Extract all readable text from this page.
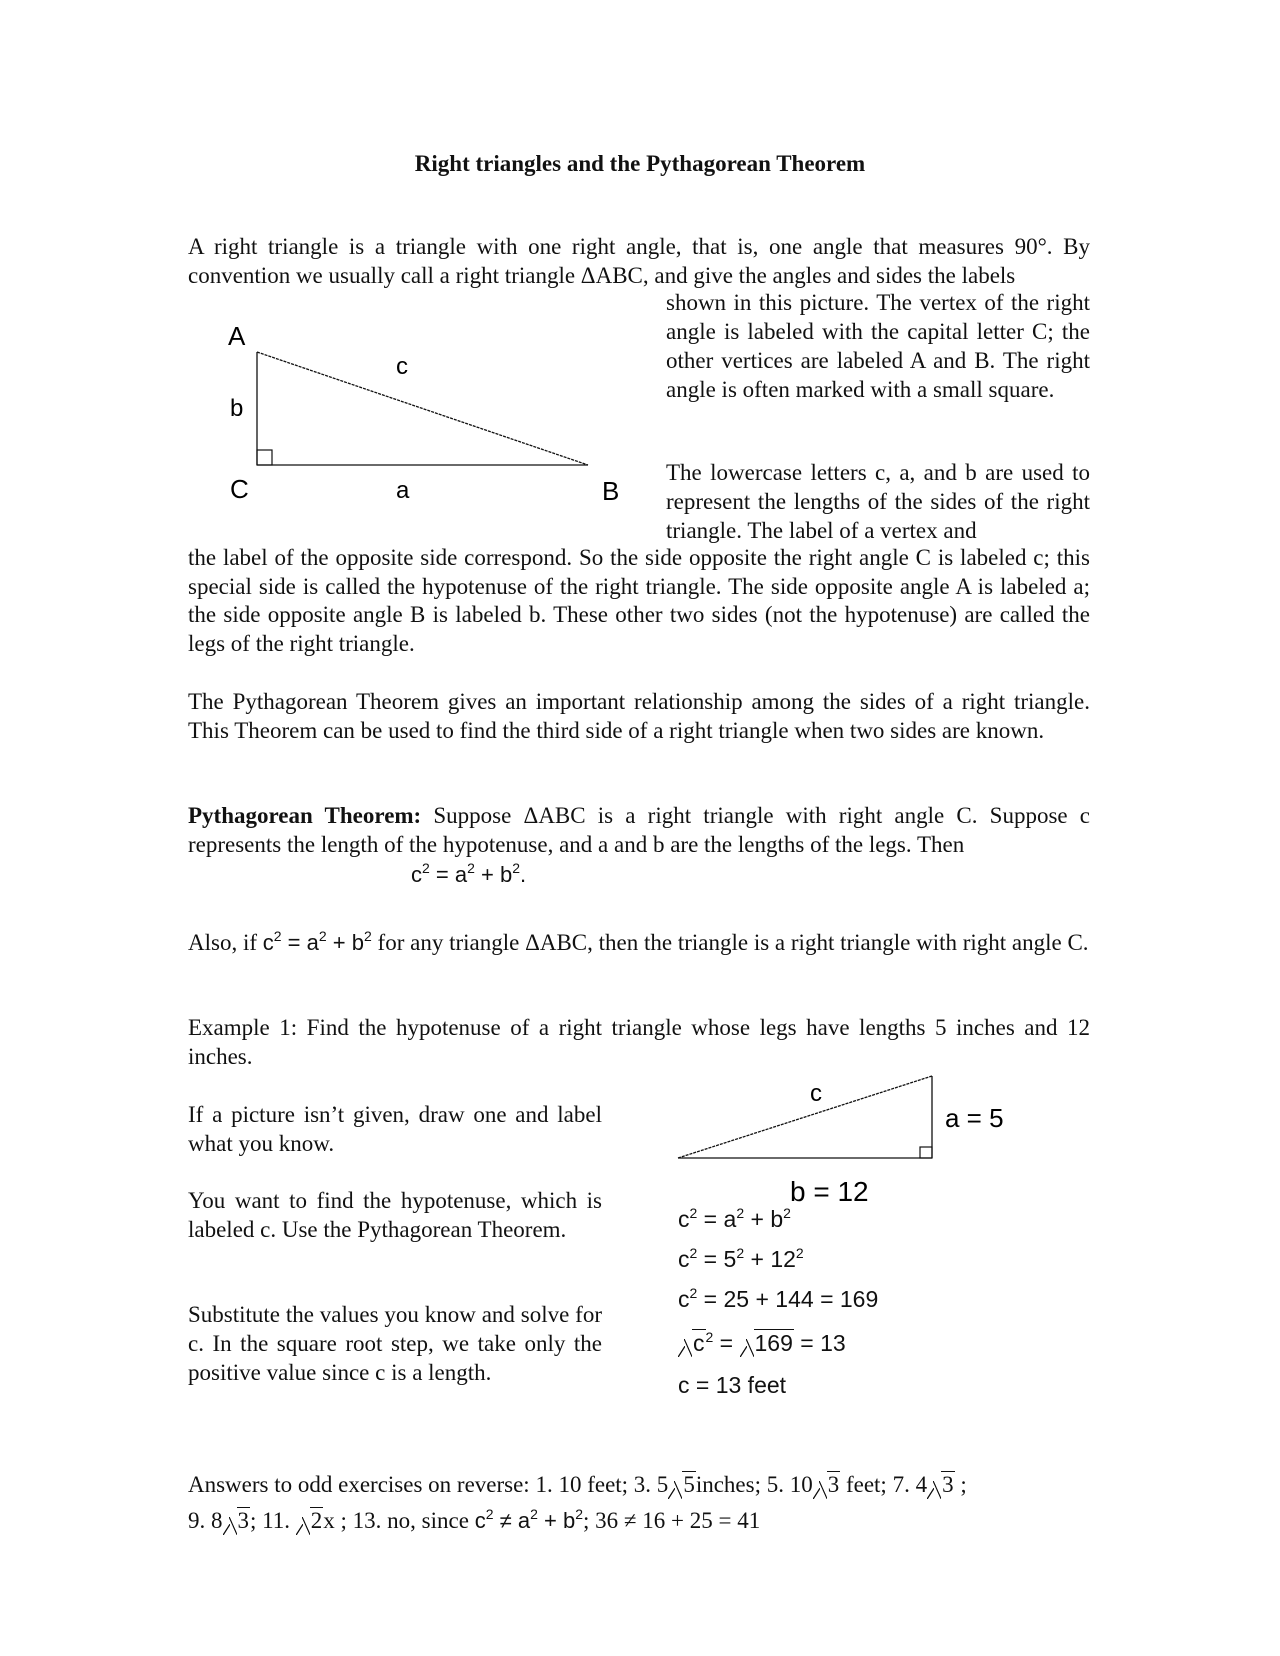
Right triangles and the Pythagorean Theorem

A right triangle is a triangle with one right angle, that is, one angle that measures 90°. By convention we usually call a right triangle ΔABC, and give the angles and sides the labels

A
C	B
b
c
a

shown in this picture. The vertex of the right angle is labeled with the capital letter C; the other vertices are labeled A and B. The right angle is often marked with a small square.

The lowercase letters c, a, and b are used to represent the lengths of the sides of the right triangle. The label of a vertex and

the label of the opposite side correspond. So the side opposite the right angle C is labeled c; this special side is called the hypotenuse of the right triangle. The side opposite angle A is labeled a; the side opposite angle B is labeled b. These other two sides (not the hypotenuse) are called the legs of the right triangle.

The Pythagorean Theorem gives an important relationship among the sides of a right triangle. This Theorem can be used to find the third side of a right triangle when two sides are known.

Pythagorean Theorem: Suppose ΔABC is a right triangle with right angle C. Suppose c represents the length of the hypotenuse, and a and b are the lengths of the legs. Then

$c^2 = a^2 + b^2$.

Also, if $c^2 = a^2 + b^2$ for any triangle ΔABC, then the triangle is a right triangle with right angle C.

Example 1: Find the hypotenuse of a right triangle whose legs have lengths 5 inches and 12 inches.

If a picture isn’t given, draw one and label what you know.

You want to find the hypotenuse, which is labeled c. Use the Pythagorean Theorem.

Substitute the values you know and solve for c. In the square root step, we take only the positive value since c is a length.

c
a = 5
b = 12
$c^2 = a^2 + b^2$
$c^2 = 5^2 + 12^2$
$c^2 = 25 + 144 = 169$
$c^2 = 169 = 13$
c = 13 feet
Answers to odd exercises on reverse: 1. 10 feet; 3. 5 5inches; 5. 10 3 feet; 7. 4 3 ;
9. 8 3; 11. 2x ; 13. no, since $c^2 \ne a^2 + b^2$; 36 ≠ 16 + 25 = 41
